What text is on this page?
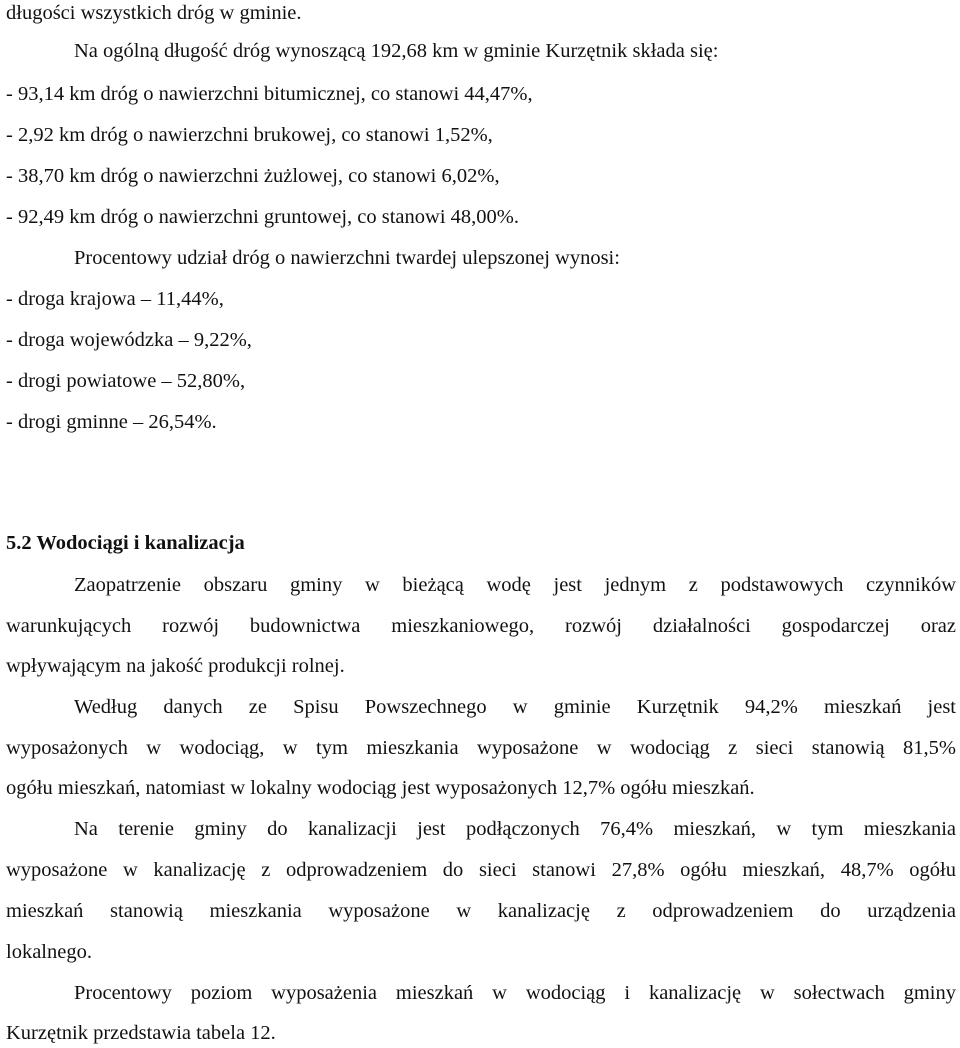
długości wszystkich dróg w gminie.
Na ogólną długość dróg wynoszącą 192,68 km w gminie Kurzętnik składa się:
- 93,14 km dróg o nawierzchni bitumicznej, co stanowi 44,47%,
- 2,92 km dróg o nawierzchni brukowej, co stanowi 1,52%,
- 38,70 km dróg o nawierzchni żużlowej, co stanowi 6,02%,
- 92,49 km dróg o nawierzchni gruntowej, co stanowi 48,00%.
Procentowy udział dróg o nawierzchni twardej ulepszonej wynosi:
- droga krajowa – 11,44%,
- droga wojewódzka – 9,22%,
- drogi powiatowe – 52,80%,
- drogi gminne – 26,54%.
5.2 Wodociągi i kanalizacja
Zaopatrzenie obszaru gminy w bieżącą wodę jest jednym z podstawowych czynników
warunkujących rozwój budownictwa mieszkaniowego, rozwój działalności gospodarczej oraz
wpływającym na jakość produkcji rolnej.
Według danych ze Spisu Powszechnego w gminie Kurzętnik 94,2% mieszkań jest
wyposażonych w wodociąg, w tym mieszkania wyposażone w wodociąg z sieci stanowią 81,5%
ogółu mieszkań, natomiast w lokalny wodociąg jest wyposażonych 12,7% ogółu mieszkań.
Na terenie gminy do kanalizacji jest podłączonych 76,4% mieszkań, w tym mieszkania
wyposażone w kanalizację z odprowadzeniem do sieci stanowi 27,8% ogółu mieszkań, 48,7% ogółu
mieszkań stanowią mieszkania wyposażone w kanalizację z odprowadzeniem do urządzenia
lokalnego.
Procentowy poziom wyposażenia mieszkań w wodociąg i kanalizację w sołectwach gminy
Kurzętnik przedstawia tabela 12.
